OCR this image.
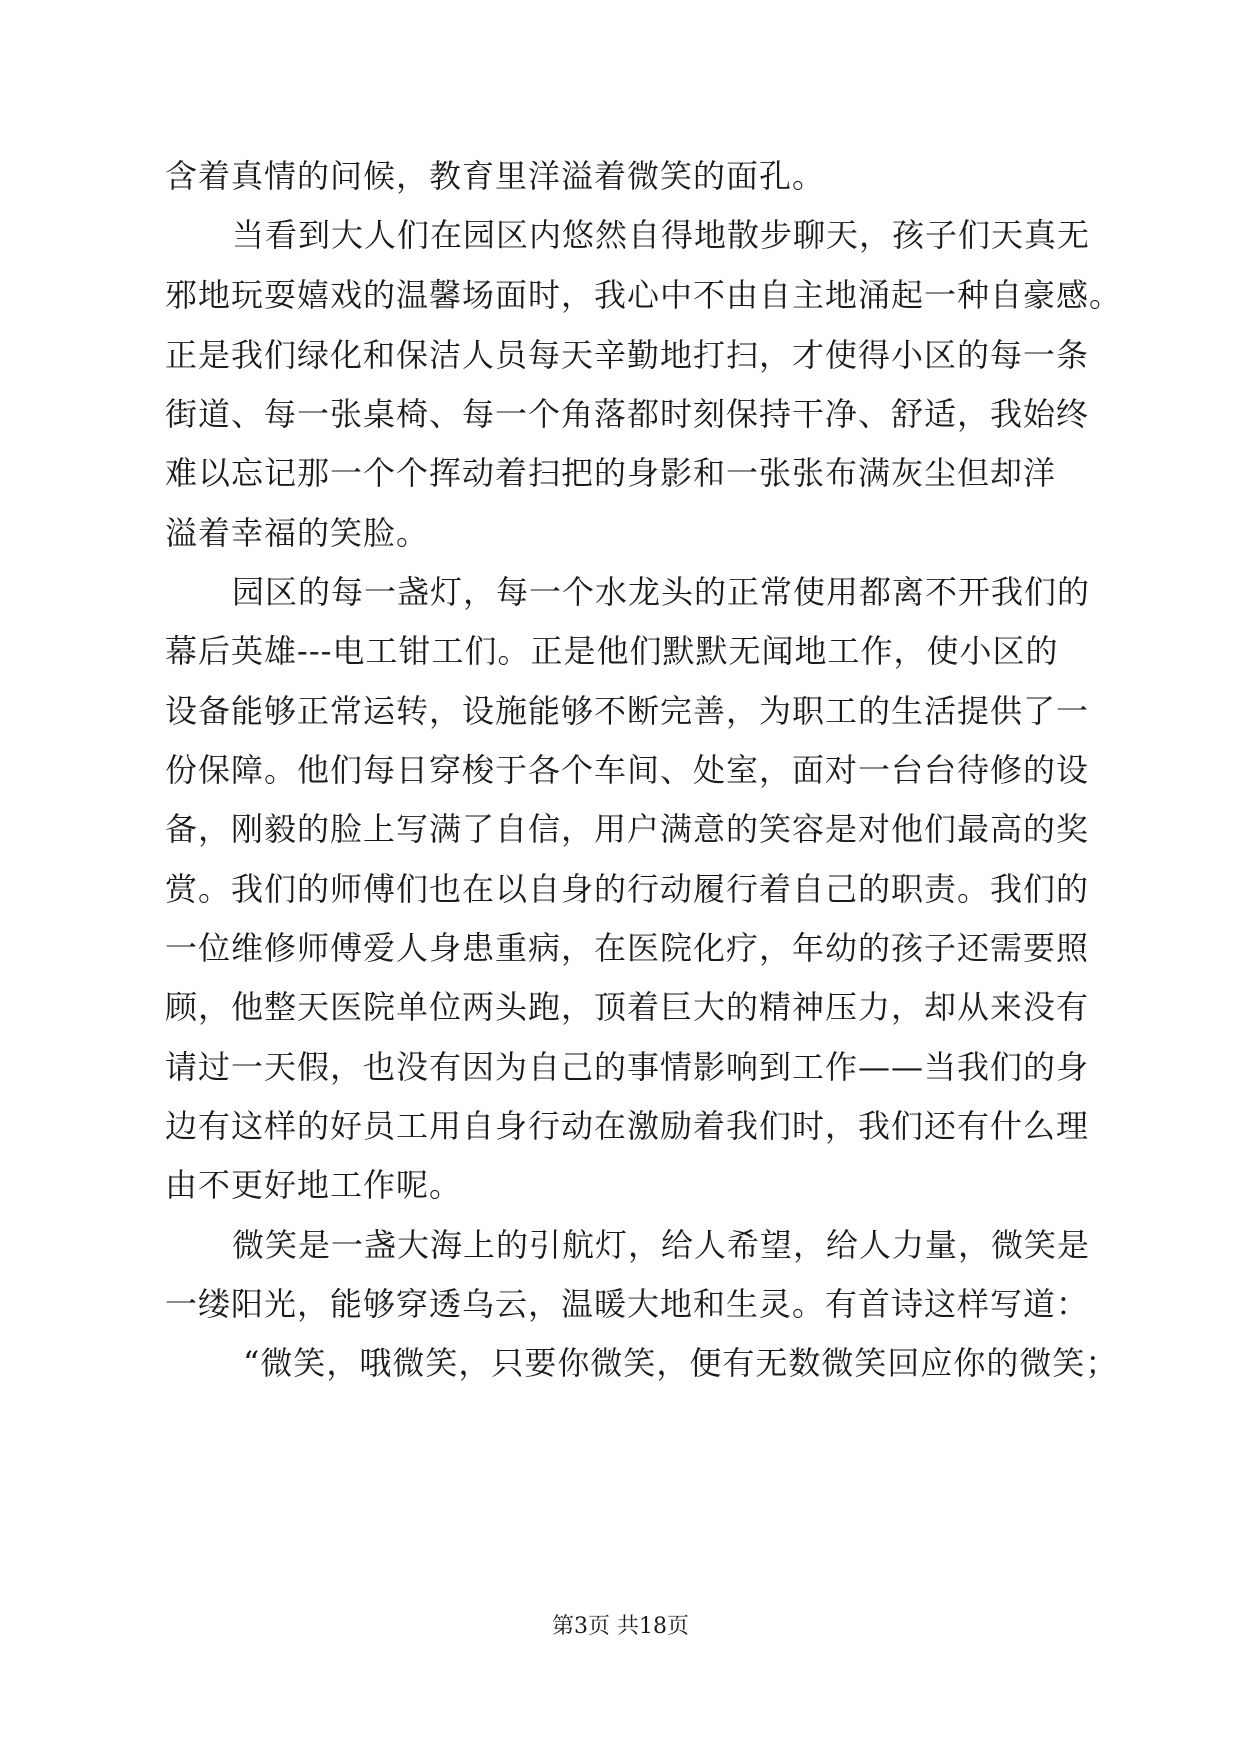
含着真情的问候，教育里洋溢着微笑的面孔。
当看到大人们在园区内悠然自得地散步聊天，孩子们天真无
邪地玩耍嬉戏的温馨场面时，我心中不由自主地涌起一种自豪感。
正是我们绿化和保洁人员每天辛勤地打扫，才使得小区的每一条
街道、每一张桌椅、每一个角落都时刻保持干净、舒适，我始终
难以忘记那一个个挥动着扫把的身影和一张张布满灰尘但却洋
溢着幸福的笑脸。
园区的每一盏灯，每一个水龙头的正常使用都离不开我们的
幕后英雄---电工钳工们。正是他们默默无闻地工作，使小区的
设备能够正常运转，设施能够不断完善，为职工的生活提供了一
份保障。他们每日穿梭于各个车间、处室，面对一台台待修的设
备，刚毅的脸上写满了自信，用户满意的笑容是对他们最高的奖
赏。我们的师傅们也在以自身的行动履行着自己的职责。我们的
一位维修师傅爱人身患重病，在医院化疗，年幼的孩子还需要照
顾，他整天医院单位两头跑，顶着巨大的精神压力，却从来没有
请过一天假，也没有因为自己的事情影响到工作——当我们的身
边有这样的好员工用自身行动在激励着我们时，我们还有什么理
由不更好地工作呢。
微笑是一盏大海上的引航灯，给人希望，给人力量，微笑是
一缕阳光，能够穿透乌云，温暖大地和生灵。有首诗这样写道：
“微笑，哦微笑，只要你微笑，便有无数微笑回应你的微笑；
第3页 共18页
